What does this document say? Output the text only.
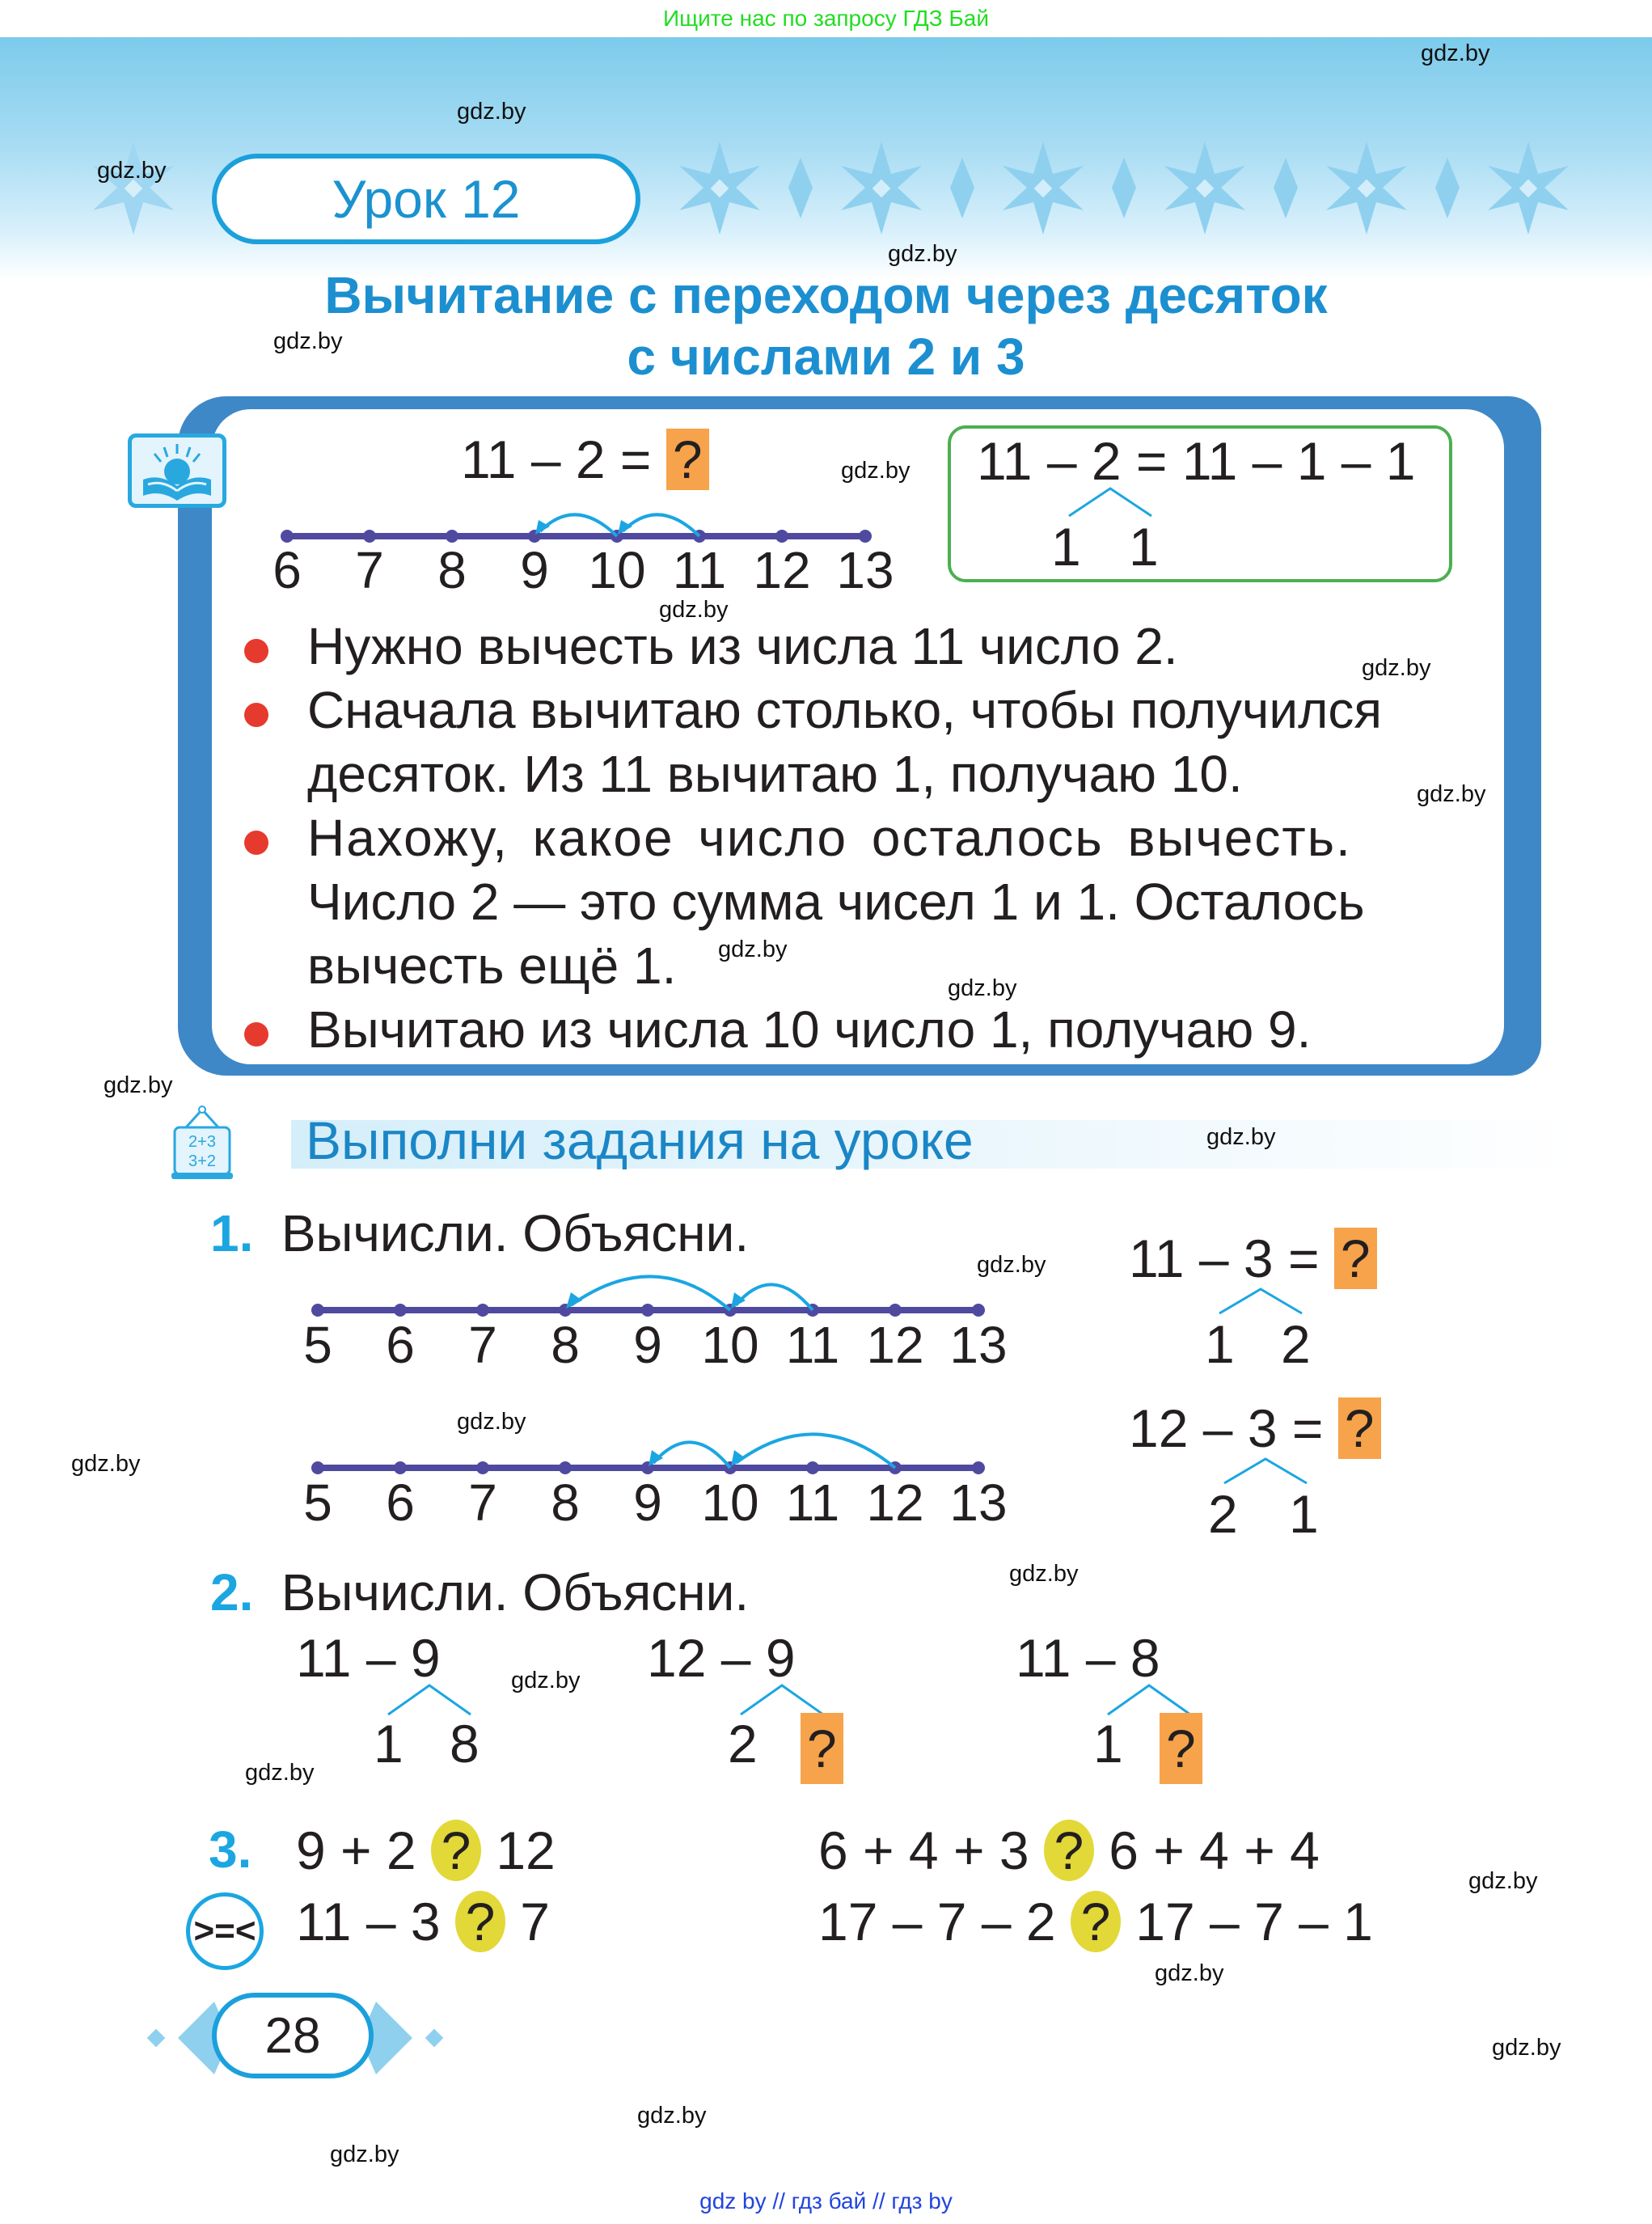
Ищите нас по запросу ГДЗ Бай
Урок 12
Вычитание с переходом через десяток
с числами 2 и 3
11 – 2 = ?
6 7 8 9 10 11 12 13
11 – 2 = 11 – 1 – 1
1 1
Нужно вычесть из числа 11 число 2.
Сначала вычитаю столько, чтобы получился
десяток. Из 11 вычитаю 1, получаю 10.
Нахожу, какое число осталось вычесть.
Число 2 — это сумма чисел 1 и 1. Осталось
вычесть ещё 1.
Вычитаю из числа 10 число 1, получаю 9.
2+3
3+2	Выполни задания на уроке
1. Вычисли. Объясни.
5 6 7 8 9 10 11 12 13
5 6 7 8 9 10 11 12 13
11 – 3 = ?
1 2
12 – 3 = ?
2 1
2. Вычисли. Объясни.
11 – 9
1 8
12 – 9
2 ?
11 – 8
1 ?
3.
>=<
9 + 2 ? 12
11 – 3 ? 7
6 + 4 + 3 ? 6 + 4 + 4
17 – 7 – 2 ? 17 – 7 – 1
28
gdz.by
gdz.by
gdz.by
gdz.by
gdz.by
gdz.by
gdz.by
gdz.by
gdz.by
gdz.by
gdz.by
gdz.by
gdz.by
gdz.by
gdz.by
gdz.by
gdz.by
gdz.by
gdz.by
gdz.by
gdz.by
gdz.by
gdz.by
gdz.by
gdz by // гдз бай // гдз by
